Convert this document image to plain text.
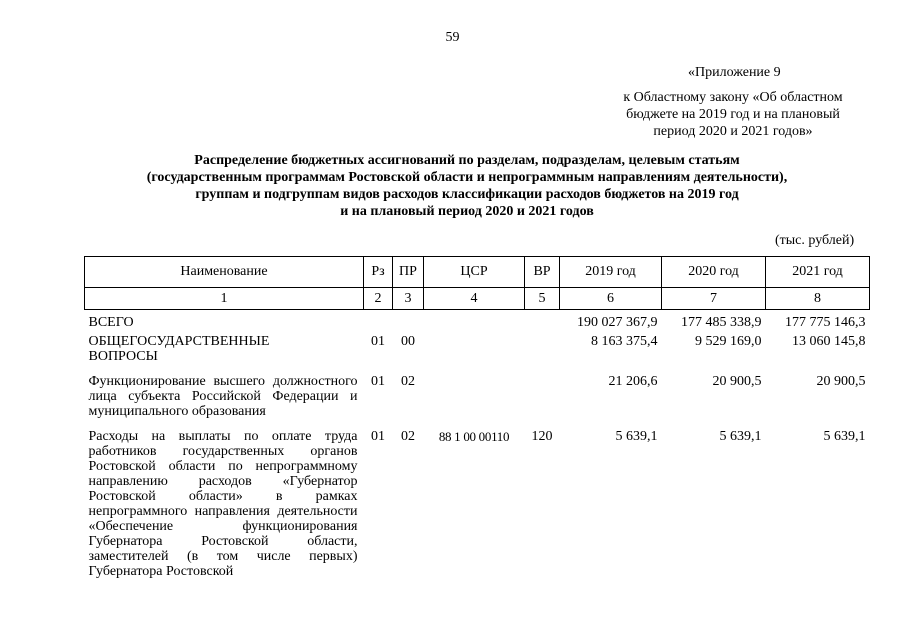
59
«Приложение 9
к Областному закону «Об областном
бюджете на 2019 год и на плановый
период 2020 и 2021 годов»
Распределение бюджетных ассигнований по разделам, подразделам, целевым статьям
(государственным программам Ростовской области и непрограммным направлениям деятельности),
группам и подгруппам видов расходов классификации расходов бюджетов на 2019 год
и на плановый период 2020 и 2021 годов
(тыс. рублей)
Наименование	Рз	ПР	ЦСР	ВР	2019 год	2020 год	2021 год
1	2	3	4	5	6	7	8
ВСЕГО					190 027 367,9	177 485 338,9	177 775 146,3
ОБЩЕГОСУДАРСТВЕННЫЕ ВОПРОСЫ	01	00			8 163 375,4	9 529 169,0	13 060 145,8
Функционирование высшего должностного лица субъекта Российской Федерации и муниципального образования	01	02			21 206,6	20 900,5	20 900,5
Расходы на выплаты по оплате труда работников государственных органов Ростовской области по непрограммному направлению расходов «Губернатор Ростовской области» в рамках непрограммного направления деятельности «Обеспечение функционирования Губернатора Ростовской области, заместителей (в том числе первых) Губернатора Ростовской	01	02	88 1 00 00110	120	5 639,1	5 639,1	5 639,1
